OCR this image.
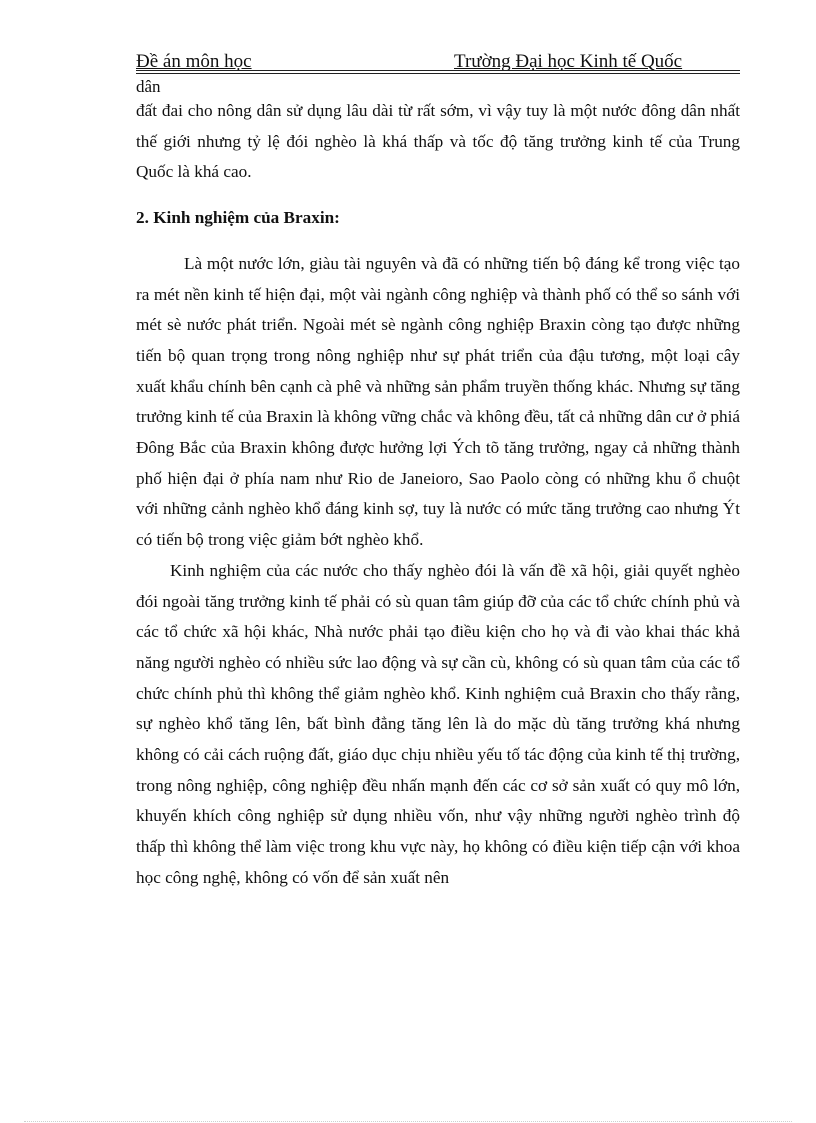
Đề án môn học	Trường Đại học Kinh tế Quốc
dân

đất đai cho nông dân sử dụng lâu dài từ rất sớm, vì vậy tuy là một nước đông dân nhất thế giới nhưng tỷ lệ đói nghèo là khá thấp và tốc độ tăng trưởng kinh tế của Trung Quốc là khá cao.

2. Kinh nghiệm của Braxin:

Là một nước lớn, giàu tài nguyên và đã có những tiến bộ đáng kể trong việc tạo ra mét nền kinh tế hiện đại, một vài ngành công nghiệp và thành phố có thể so sánh với mét sè nước phát triển. Ngoài mét sè ngành công nghiệp Braxin còng tạo được những tiến bộ quan trọng trong nông nghiệp như sự phát triển của đậu tương, một loại cây xuất khẩu chính bên cạnh cà phê và những sản phẩm truyền thống khác. Nhưng sự tăng trưởng kinh tế của Braxin là không vững chắc và không đều, tất cả những dân cư ở phiá Đông Bắc của Braxin không được hưởng lợi Ých tõ tăng trưởng, ngay cả những thành phố hiện đại ở phía nam như Rio de Janeioro, Sao Paolo còng có những khu ổ chuột với những cảnh nghèo khổ đáng kinh sợ, tuy là nước có mức tăng trưởng cao nhưng Ýt có tiến bộ trong việc giảm bớt nghèo khổ.

Kinh nghiệm của các nước cho thấy nghèo đói là vấn đề xã hội, giải quyết nghèo đói ngoài tăng trưởng kinh tế phải có sù quan tâm giúp đỡ của các tổ chức chính phủ và các tổ chức xã hội khác, Nhà nước phải tạo điều kiện cho họ và đi vào khai thác khả năng người nghèo có nhiều sức lao động và sự cần cù, không có sù quan tâm của các tổ chức chính phủ thì không thể giảm nghèo khổ. Kinh nghiệm cuả Braxin cho thấy rằng, sự nghèo khổ tăng lên, bất bình đẳng tăng lên là do mặc dù tăng trưởng khá nhưng không có cải cách ruộng đất, giáo dục chịu nhiều yếu tố tác động của kinh tế thị trường, trong nông nghiệp, công nghiệp đều nhấn mạnh đến các cơ sở sản xuất có quy mô lớn, khuyến khích công nghiệp sử dụng nhiều vốn, như vậy những người nghèo trình độ thấp thì không thể làm việc trong khu vực này, họ không có điều kiện tiếp cận với khoa học công nghệ, không có vốn để sản xuất nên
